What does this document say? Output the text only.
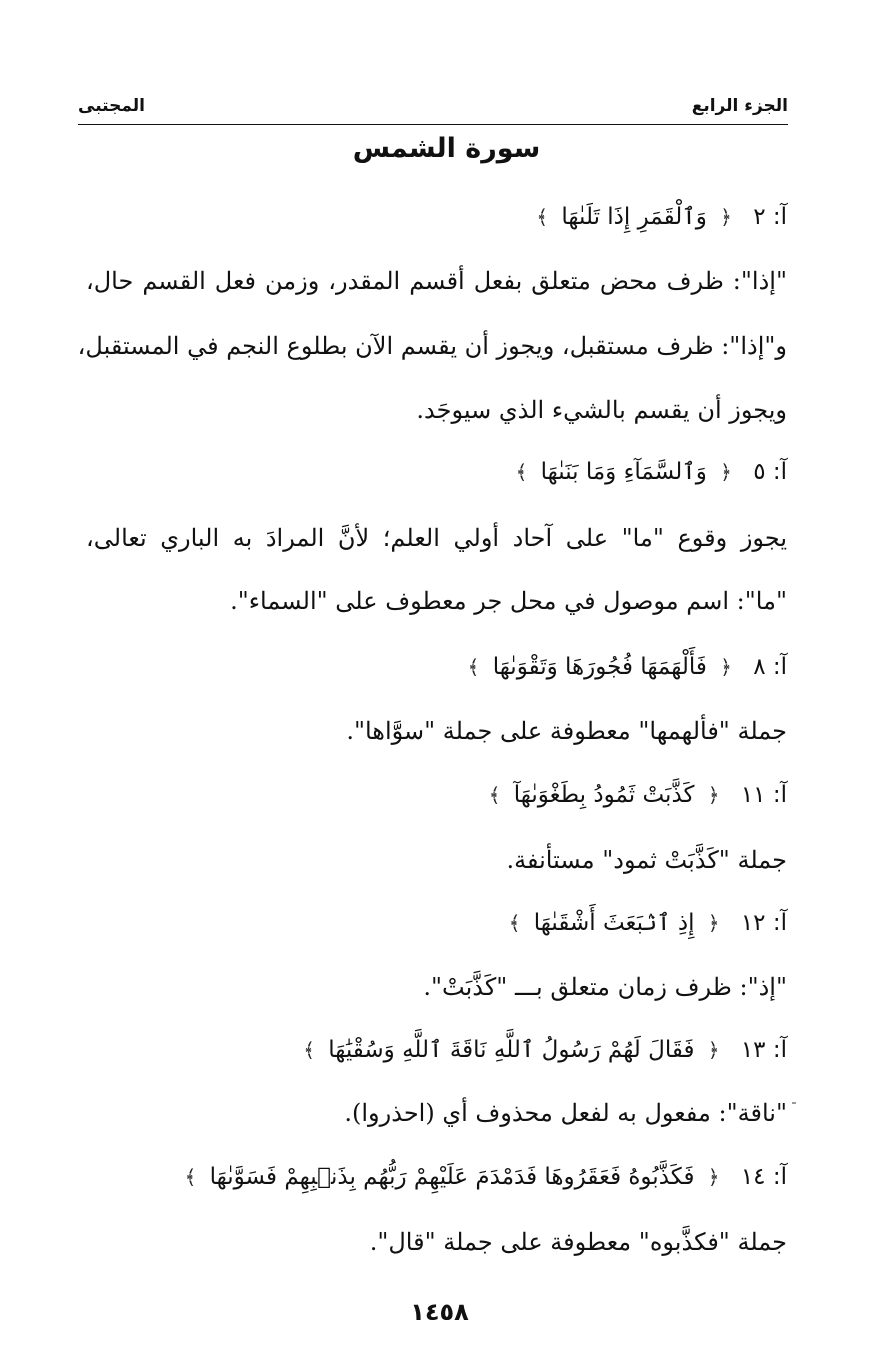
الجزء الرابع
المجتبى
سورة الشمس
آ: ٢ ﴿ وَٱلْقَمَرِ إِذَا تَلَىٰهَا ﴾
"إذا": ظرف محض متعلق بفعل أقسم المقدر، وزمن فعل القسم حال،
و"إذا": ظرف مستقبل، ويجوز أن يقسم الآن بطلوع النجم في المستقبل،
ويجوز أن يقسم بالشيء الذي سيوجَد.
آ: ٥ ﴿ وَٱلسَّمَآءِ وَمَا بَنَىٰهَا ﴾
يجوز وقوع "ما" على آحاد أولي العلم؛ لأنَّ المرادَ به الباري تعالى،
"ما": اسم موصول في محل جر معطوف على "السماء".
آ: ٨ ﴿ فَأَلْهَمَهَا فُجُورَهَا وَتَقْوَىٰهَا ﴾
جملة "فألهمها" معطوفة على جملة "سوَّاها".
آ: ١١ ﴿ كَذَّبَتْ ثَمُودُ بِطَغْوَىٰهَآ ﴾
جملة "كَذَّبَتْ ثمود" مستأنفة.
آ: ١٢ ﴿ إِذِ ٱنۢبَعَثَ أَشْقَىٰهَا ﴾
"إذ": ظرف زمان متعلق بـــ "كَذَّبَتْ".
آ: ١٣ ﴿ فَقَالَ لَهُمْ رَسُولُ ٱللَّهِ نَاقَةَ ٱللَّهِ وَسُقْيَٰهَا ﴾
"ناقة": مفعول به لفعل محذوف أي (احذروا).
آ: ١٤ ﴿ فَكَذَّبُوهُ فَعَقَرُوهَا فَدَمْدَمَ عَلَيْهِمْ رَبُّهُم بِذَنۢبِهِمْ فَسَوَّىٰهَا ﴾
جملة "فكذَّبوه" معطوفة على جملة "قال".
١٤٥٨
